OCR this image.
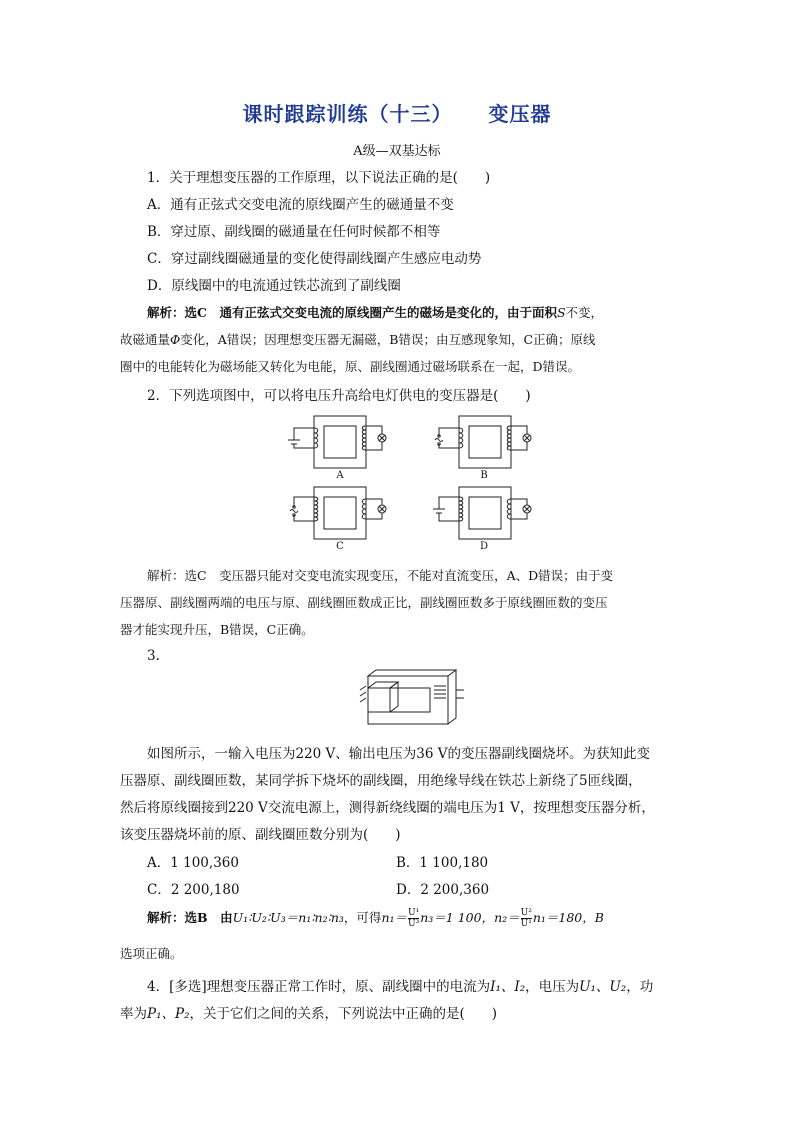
课时跟踪训练（十三） 变压器
A级—双基达标
1．关于理想变压器的工作原理，以下说法正确的是(　　)
A．通有正弦式交变电流的原线圈产生的磁通量不变
B．穿过原、副线圈的磁通量在任何时候都不相等
C．穿过副线圈磁通量的变化使得副线圈产生感应电动势
D．原线圈中的电流通过铁芯流到了副线圈
解析：选C　通有正弦式交变电流的原线圈产生的磁场是变化的，由于面积S不变，
故磁通量Φ变化，A错误；因理想变压器无漏磁，B错误；由互感现象知，C正确；原线
圈中的电能转化为磁场能又转化为电能，原、副线圈通过磁场联系在一起，D错误。
2．下列选项图中，可以将电压升高给电灯供电的变压器是(　　)
A	B
C	D
解析：选C　变压器只能对交变电流实现变压，不能对直流变压，A、D错误；由于变
压器原、副线圈两端的电压与原、副线圈匝数成正比，副线圈匝数多于原线圈匝数的变压
器才能实现升压，B错误，C正确。
3.
如图所示，一输入电压为220 V、输出电压为36 V的变压器副线圈烧坏。为获知此变
压器原、副线圈匝数，某同学拆下烧坏的副线圈，用绝缘导线在铁芯上新绕了5匝线圈，
然后将原线圈接到220 V交流电源上，测得新绕线圈的端电压为1 V，按理想变压器分析，
该变压器烧坏前的原、副线圈匝数分别为(　　)
A．1 100,360	B．1 100,180
C．2 200,180	D．2 200,360
解析：选B　由U₁∶U₂∶U₃＝n₁∶n₂∶n₃，可得$n_1= \frac{\text{U¹}}{\text{U³}} n_3=1$ 100，$n_2= \frac{\text{U²}}{\text{U¹}} n_1=180$，B
选项正确。
4．[多选]理想变压器正常工作时，原、副线圈中的电流为I₁、I₂，电压为U₁、U₂，功
率为P₁、P₂，关于它们之间的关系，下列说法中正确的是(　　)
